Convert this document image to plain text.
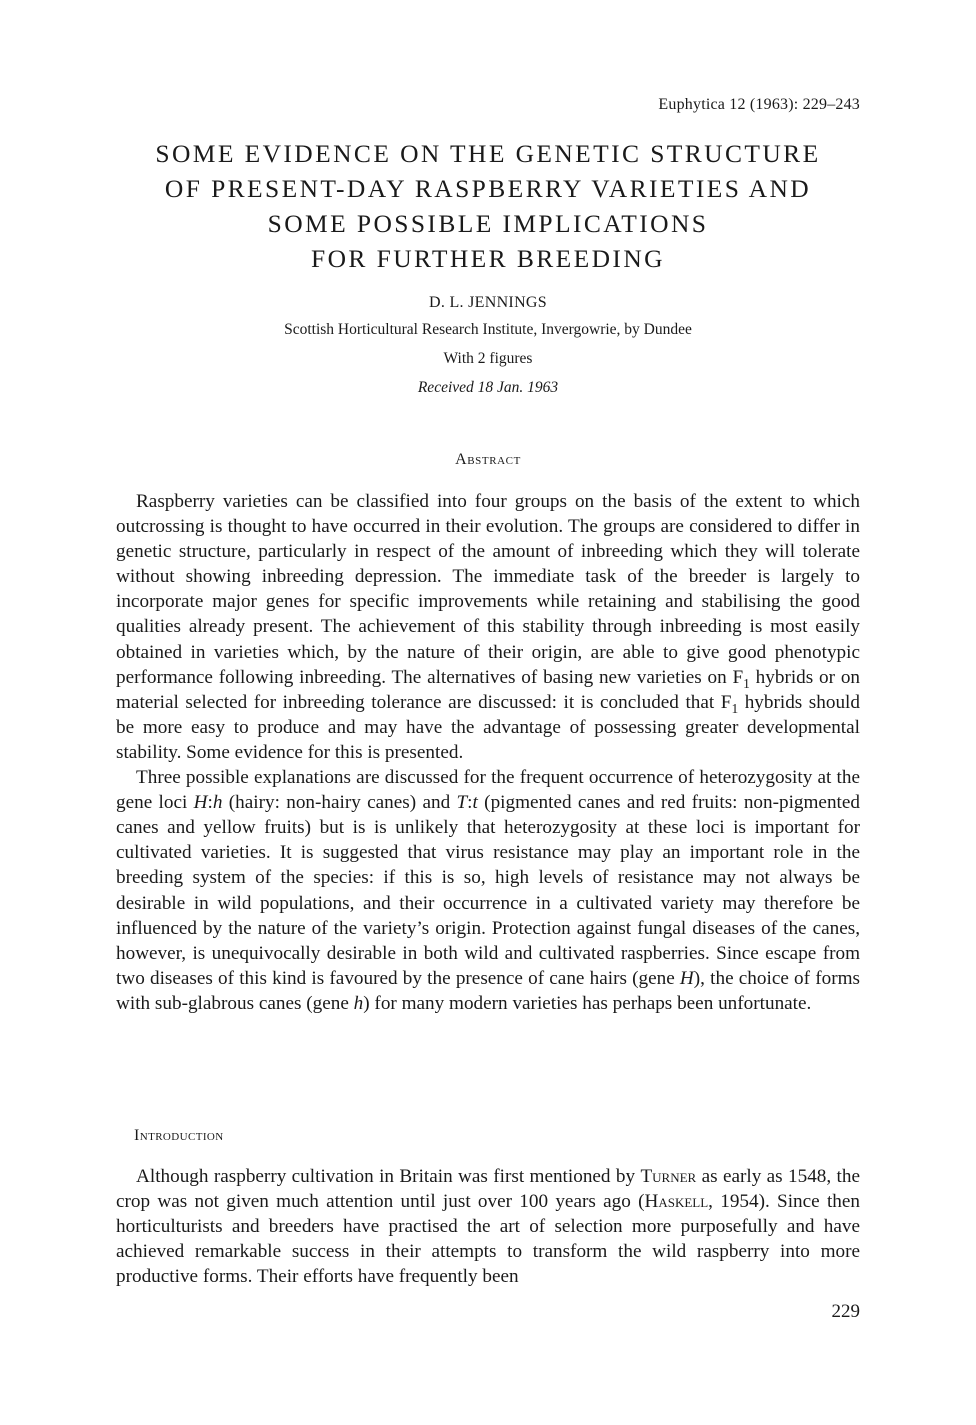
Euphytica 12 (1963): 229–243
SOME EVIDENCE ON THE GENETIC STRUCTURE
OF PRESENT-DAY RASPBERRY VARIETIES AND
SOME POSSIBLE IMPLICATIONS
FOR FURTHER BREEDING
D. L. JENNINGS
Scottish Horticultural Research Institute, Invergowrie, by Dundee
With 2 figures
Received 18 Jan. 1963
Abstract

Raspberry varieties can be classified into four groups on the basis of the extent to which outcrossing is thought to have occurred in their evolution. The groups are considered to differ in genetic structure, particularly in respect of the amount of inbreeding which they will tolerate without showing inbreeding depression. The immediate task of the breeder is largely to incorporate major genes for specific improvements while retaining and stabilising the good qualities already present. The achievement of this stability through inbreeding is most easily obtained in varieties which, by the nature of their origin, are able to give good phenotypic performance following inbreeding. The alternatives of basing new varieties on $F_1$ hybrids or on material selected for inbreeding tolerance are discussed: it is concluded that $F_1$ hybrids should be more easy to produce and may have the advantage of possessing greater developmental stability. Some evidence for this is presented.

Three possible explanations are discussed for the frequent occurrence of heterozygosity at the gene loci H:h (hairy: non-hairy canes) and T:t (pigmented canes and red fruits: non-pigmented canes and yellow fruits) but is is unlikely that heterozygosity at these loci is important for cultivated varieties. It is suggested that virus resistance may play an important role in the breeding system of the species: if this is so, high levels of resistance may not always be desirable in wild populations, and their occurrence in a cultivated variety may therefore be influenced by the nature of the variety’s origin. Protection against fungal diseases of the canes, however, is unequivocally desirable in both wild and cultivated raspberries. Since escape from two diseases of this kind is favoured by the presence of cane hairs (gene H), the choice of forms with sub-glabrous canes (gene h) for many modern varieties has perhaps been unfortunate.

Introduction

Although raspberry cultivation in Britain was first mentioned by Turner as early as 1548, the crop was not given much attention until just over 100 years ago (Haskell, 1954). Since then horticulturists and breeders have practised the art of selection more purposefully and have achieved remarkable success in their attempts to transform the wild raspberry into more productive forms. Their efforts have frequently been

229
